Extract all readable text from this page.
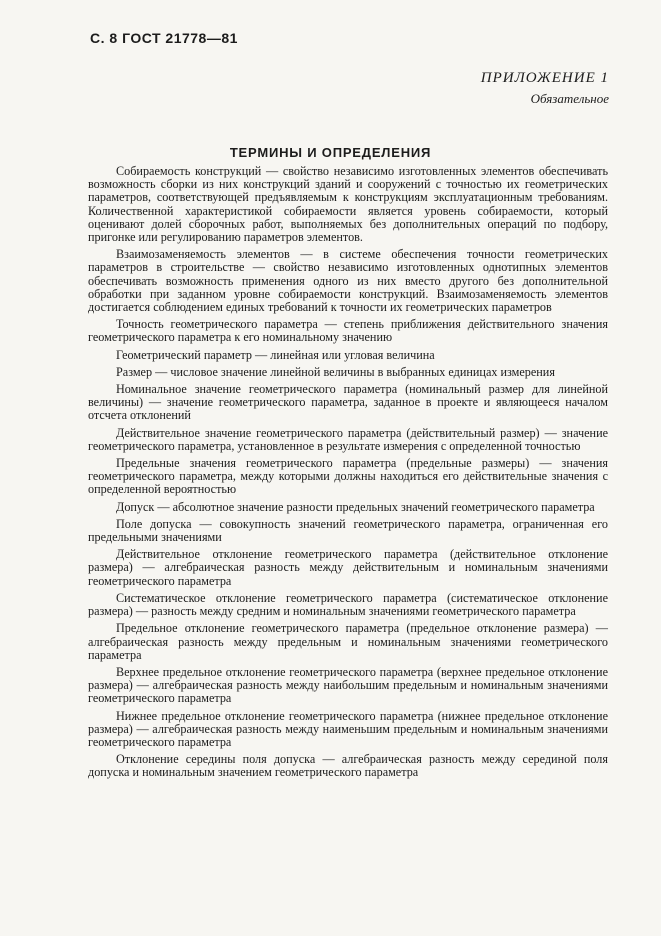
С. 8 ГОСТ 21778—81
ПРИЛОЖЕНИЕ 1
Обязательное
ТЕРМИНЫ И ОПРЕДЕЛЕНИЯ

Собираемость конструкций — свойство независимо изготовленных элементов обеспечивать возможность сборки из них конструкций зданий и сооружений с точностью их геометрических параметров, соответствующей предъявляемым к конструкциям эксплуатационным требованиям. Количественной характеристикой собираемости является уровень собираемости, который оценивают долей сборочных работ, выполняемых без дополнительных операций по подбору, пригонке или регулированию параметров элементов.

Взаимозаменяемость элементов — в системе обеспечения точности геометрических параметров в строительстве — свойство независимо изготовленных однотипных элементов обеспечивать возможность применения одного из них вместо другого без дополнительной обработки при заданном уровне собираемости конструкций. Взаимозаменяемость элементов достигается соблюдением единых требований к точности их геометрических параметров

Точность геометрического параметра — степень приближения действительного значения геометрического параметра к его номинальному значению

Геометрический параметр — линейная или угловая величина

Размер — числовое значение линейной величины в выбранных единицах измерения

Номинальное значение геометрического параметра (номинальный размер для линейной величины) — значение геометрического параметра, заданное в проекте и являющееся началом отсчета отклонений

Действительное значение геометрического параметра (действительный размер) — значение геометрического параметра, установленное в результате измерения с определенной точностью

Предельные значения геометрического параметра (предельные размеры) — значения геометрического параметра, между которыми должны находиться его действительные значения с определенной вероятностью

Допуск — абсолютное значение разности предельных значений геометрического параметра

Поле допуска — совокупность значений геометрического параметра, ограниченная его предельными значениями

Действительное отклонение геометрического параметра (действительное отклонение размера) — алгебраическая разность между действительным и номинальным значениями геометрического параметра

Систематическое отклонение геометрического параметра (систематическое отклонение размера) — разность между средним и номинальным значениями геометрического параметра

Предельное отклонение геометрического параметра (предельное отклонение размера) — алгебраическая разность между предельным и номинальным значениями геометрического параметра

Верхнее предельное отклонение геометрического параметра (верхнее предельное отклонение размера) — алгебраическая разность между наибольшим предельным и номинальным значениями геометрического параметра

Нижнее предельное отклонение геометрического параметра (нижнее предельное отклонение размера) — алгебраическая разность между наименьшим предельным и номинальным значениями геометрического параметра

Отклонение середины поля допуска — алгебраическая разность между серединой поля допуска и номинальным значением геометрического параметра
